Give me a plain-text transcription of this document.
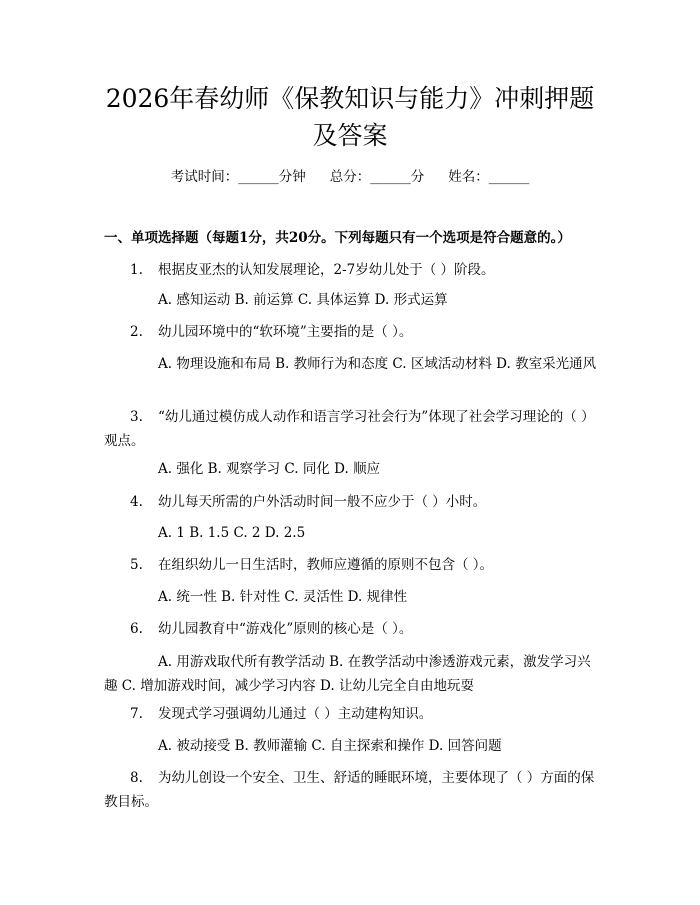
2026年春幼师《保教知识与能力》冲刺押题
及答案
考试时间：______分钟 总分：______分 姓名：______
一、单项选择题（每题1分，共20分。下列每题只有一个选项是符合题意的。）

1. 根据皮亚杰的认知发展理论，2-7岁幼儿处于（ ）阶段。

A. 感知运动 B. 前运算 C. 具体运算 D. 形式运算

2. 幼儿园环境中的“软环境”主要指的是（ ）。

A. 物理设施和布局 B. 教师行为和态度 C. 区域活动材料 D. 教室采光通风

3. “幼儿通过模仿成人动作和语言学习社会行为”体现了社会学习理论的（ ）观点。

A. 强化 B. 观察学习 C. 同化 D. 顺应

4. 幼儿每天所需的户外活动时间一般不应少于（ ）小时。

A. 1 B. 1.5 C. 2 D. 2.5

5. 在组织幼儿一日生活时，教师应遵循的原则不包含（ ）。

A. 统一性 B. 针对性 C. 灵活性 D. 规律性

6. 幼儿园教育中“游戏化”原则的核心是（ ）。

A. 用游戏取代所有教学活动 B. 在教学活动中渗透游戏元素，激发学习兴趣 C. 增加游戏时间，减少学习内容 D. 让幼儿完全自由地玩耍

7. 发现式学习强调幼儿通过（ ）主动建构知识。

A. 被动接受 B. 教师灌输 C. 自主探索和操作 D. 回答问题

8. 为幼儿创设一个安全、卫生、舒适的睡眠环境，主要体现了（ ）方面的保教目标。
